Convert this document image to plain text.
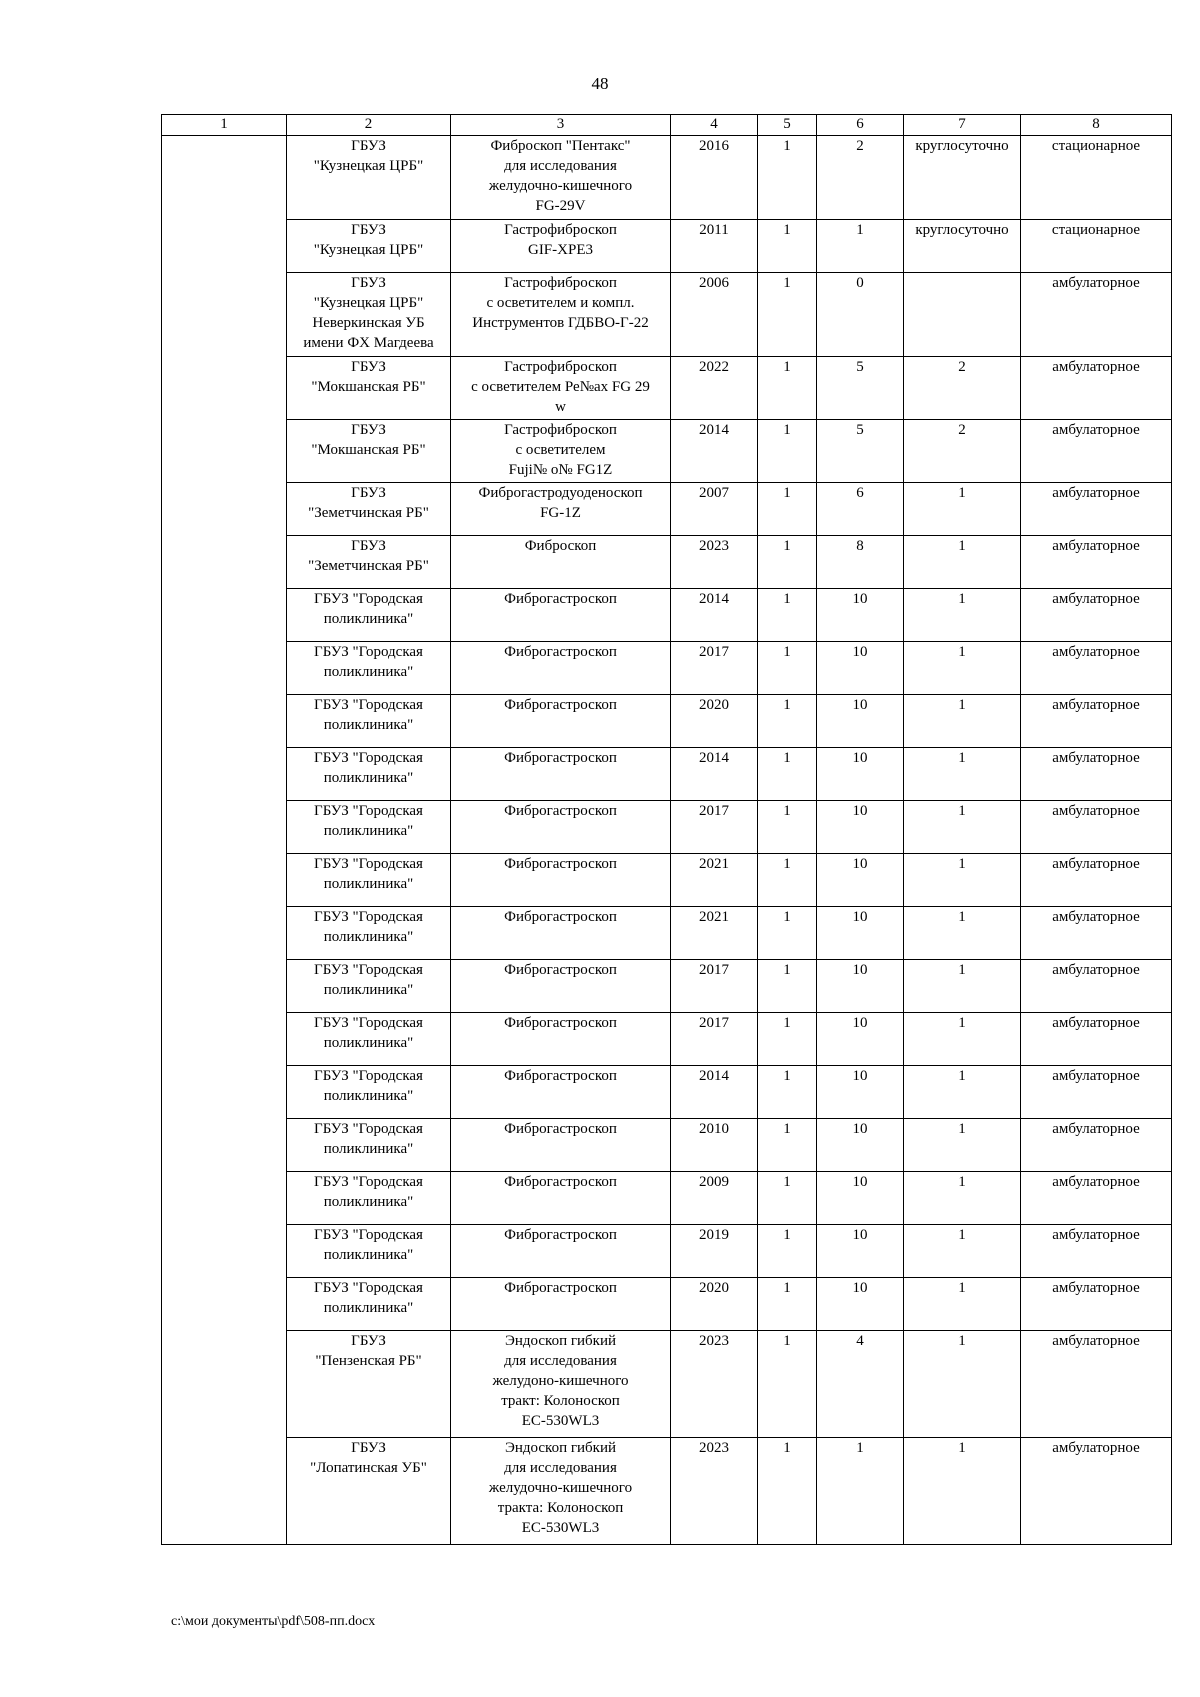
48
1	2	3	4	5	6	7	8
	ГБУЗ
"Кузнецкая ЦРБ"	Фиброскоп "Пентакс"
для исследования
желудочно-кишечного
FG-29V	2016	1	2	круглосуточно	стационарное
	ГБУЗ
"Кузнецкая ЦРБ"	Гастрофиброскоп
GIF-XPE3	2011	1	1	круглосуточно	стационарное
	ГБУЗ
"Кузнецкая ЦРБ"
Неверкинская УБ
имени ФХ Магдеева	Гастрофиброскоп
с осветителем и компл.
Инструментов ГДБВО-Г-22	2006	1	0		амбулаторное
	ГБУЗ
"Мокшанская РБ"	Гастрофиброскоп
с осветителем Ре№ах FG 29
w	2022	1	5	2	амбулаторное
	ГБУЗ
"Мокшанская РБ"	Гастрофиброскоп
с осветителем
Fuji№ о№ FG1Z	2014	1	5	2	амбулаторное
	ГБУЗ
"Земетчинская РБ"	Фиброгастродуоденоскоп
FG-1Z	2007	1	6	1	амбулаторное
	ГБУЗ
"Земетчинская РБ"	Фиброскоп	2023	1	8	1	амбулаторное
	ГБУЗ "Городская
поликлиника"	Фиброгастроскоп	2014	1	10	1	амбулаторное
	ГБУЗ "Городская
поликлиника"	Фиброгастроскоп	2017	1	10	1	амбулаторное
	ГБУЗ "Городская
поликлиника"	Фиброгастроскоп	2020	1	10	1	амбулаторное
	ГБУЗ "Городская
поликлиника"	Фиброгастроскоп	2014	1	10	1	амбулаторное
	ГБУЗ "Городская
поликлиника"	Фиброгастроскоп	2017	1	10	1	амбулаторное
	ГБУЗ "Городская
поликлиника"	Фиброгастроскоп	2021	1	10	1	амбулаторное
	ГБУЗ "Городская
поликлиника"	Фиброгастроскоп	2021	1	10	1	амбулаторное
	ГБУЗ "Городская
поликлиника"	Фиброгастроскоп	2017	1	10	1	амбулаторное
	ГБУЗ "Городская
поликлиника"	Фиброгастроскоп	2017	1	10	1	амбулаторное
	ГБУЗ "Городская
поликлиника"	Фиброгастроскоп	2014	1	10	1	амбулаторное
	ГБУЗ "Городская
поликлиника"	Фиброгастроскоп	2010	1	10	1	амбулаторное
	ГБУЗ "Городская
поликлиника"	Фиброгастроскоп	2009	1	10	1	амбулаторное
	ГБУЗ "Городская
поликлиника"	Фиброгастроскоп	2019	1	10	1	амбулаторное
	ГБУЗ "Городская
поликлиника"	Фиброгастроскоп	2020	1	10	1	амбулаторное
	ГБУЗ
"Пензенская РБ"	Эндоскоп гибкий
для исследования
желудоно-кишечного
тракт: Колоноскоп
EC-530WL3	2023	1	4	1	амбулаторное
	ГБУЗ
"Лопатинская УБ"	Эндоскоп гибкий
для исследования
желудочно-кишечного
тракта: Колоноскоп
EC-530WL3	2023	1	1	1	амбулаторное
c:\мои документы\pdf\508-пп.docx
